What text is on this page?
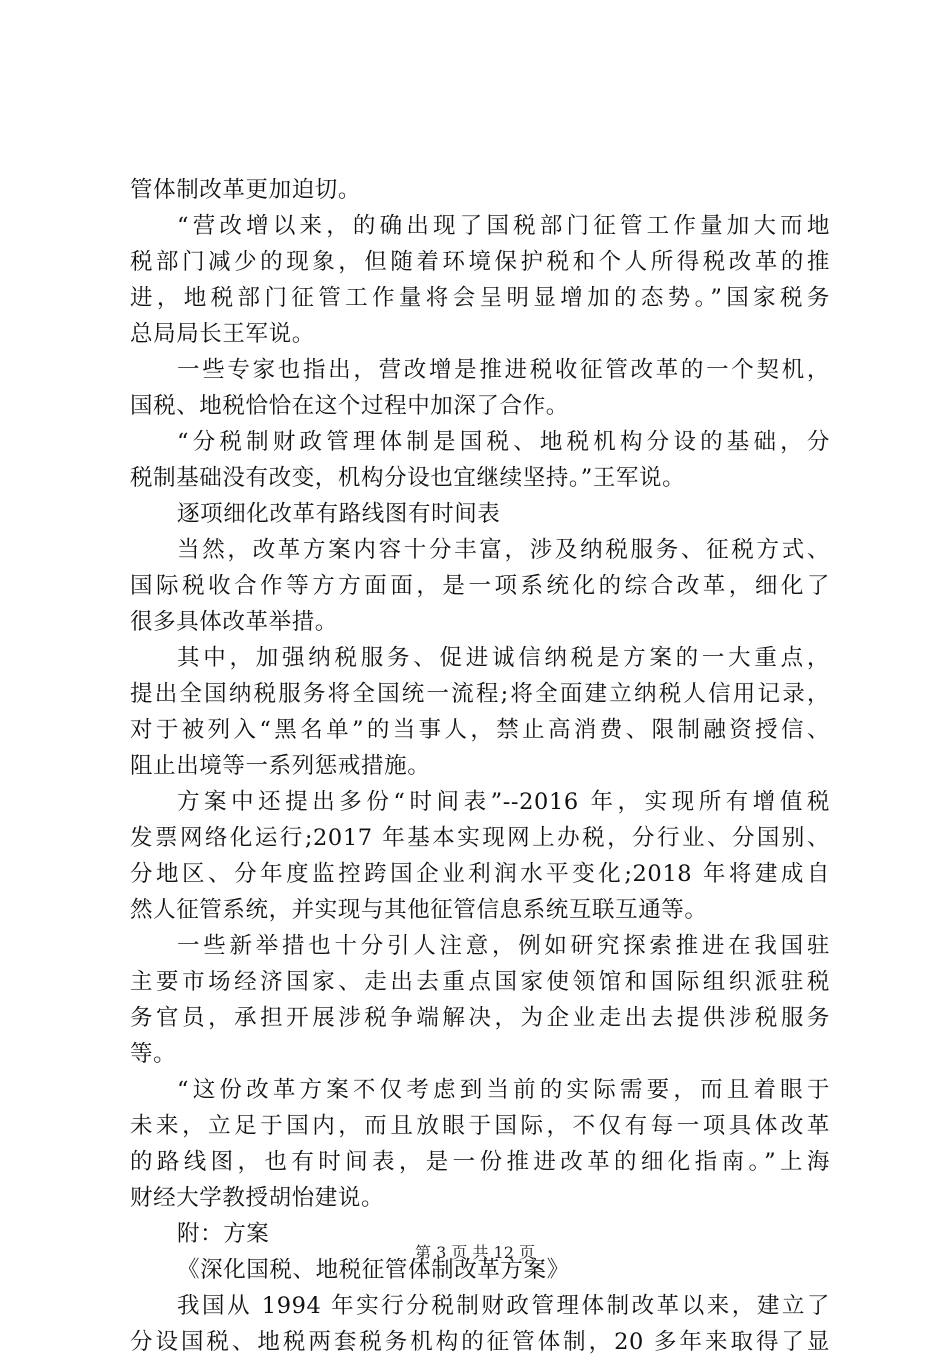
管体制改革更加迫切。
“营改增以来，的确出现了国税部门征管工作量加大而地
税部门减少的现象，但随着环境保护税和个人所得税改革的推
进，地税部门征管工作量将会呈明显增加的态势。”国家税务
总局局长王军说。
一些专家也指出，营改增是推进税收征管改革的一个契机，
国税、地税恰恰在这个过程中加深了合作。
“分税制财政管理体制是国税、地税机构分设的基础，分
税制基础没有改变，机构分设也宜继续坚持。”王军说。
逐项细化改革有路线图有时间表
当然，改革方案内容十分丰富，涉及纳税服务、征税方式、
国际税收合作等方方面面，是一项系统化的综合改革，细化了
很多具体改革举措。
其中，加强纳税服务、促进诚信纳税是方案的一大重点，
提出全国纳税服务将全国统一流程;将全面建立纳税人信用记录，
对于被列入“黑名单”的当事人，禁止高消费、限制融资授信、
阻止出境等一系列惩戒措施。
方案中还提出多份“时间表”--2016 年，实现所有增值税
发票网络化运行;2017 年基本实现网上办税，分行业、分国别、
分地区、分年度监控跨国企业利润水平变化;2018 年将建成自
然人征管系统，并实现与其他征管信息系统互联互通等。
一些新举措也十分引人注意，例如研究探索推进在我国驻
主要市场经济国家、走出去重点国家使领馆和国际组织派驻税
务官员，承担开展涉税争端解决，为企业走出去提供涉税服务
等。
“这份改革方案不仅考虑到当前的实际需要，而且着眼于
未来，立足于国内，而且放眼于国际，不仅有每一项具体改革
的路线图，也有时间表，是一份推进改革的细化指南。”上海
财经大学教授胡怡建说。
附：方案
《深化国税、地税征管体制改革方案》
我国从 1994 年实行分税制财政管理体制改革以来，建立了
分设国税、地税两套税务机构的征管体制，20 多年来取得了显
第 3 页 共 12 页
